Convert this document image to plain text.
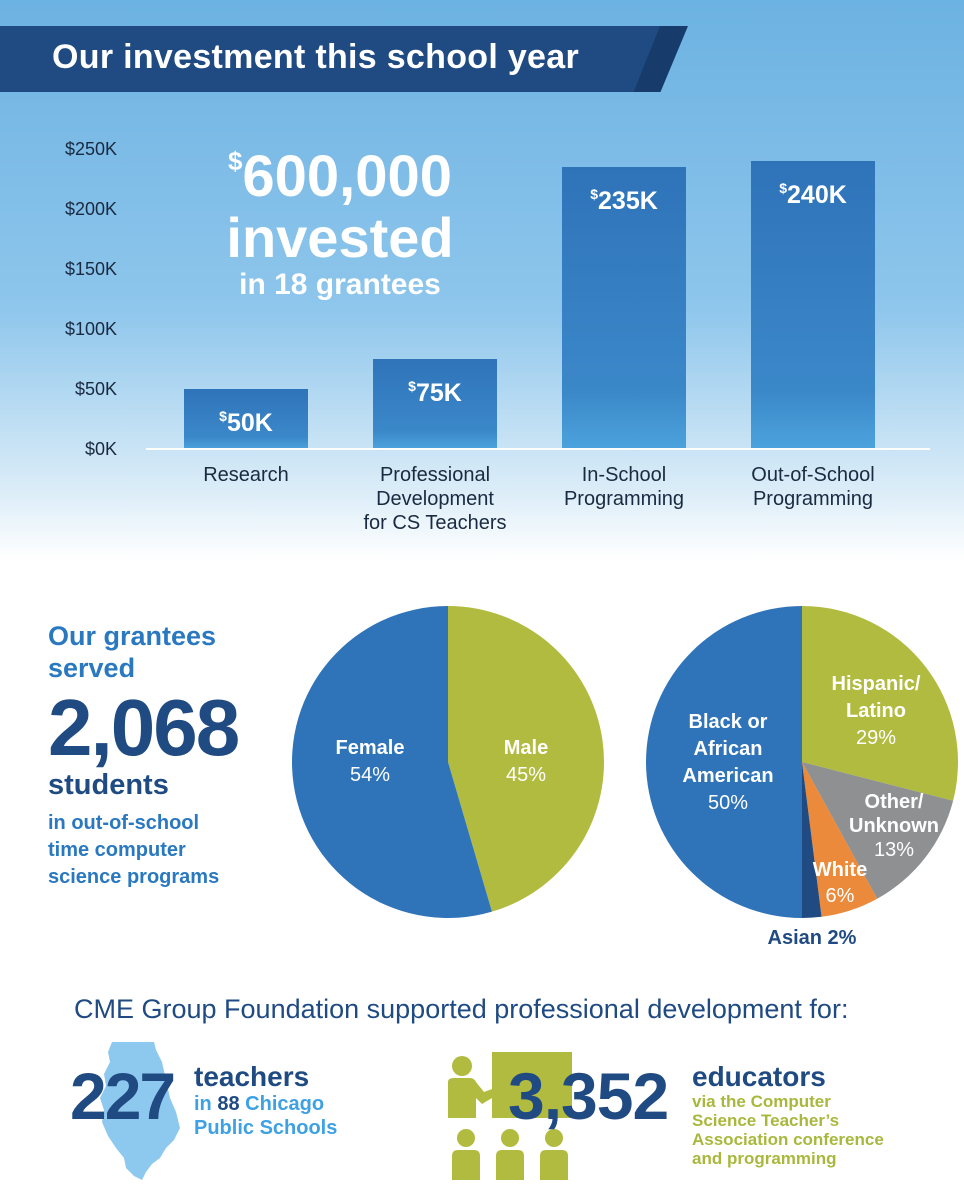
Our investment this school year
$0K
$50K
$100K
$150K
$200K
$250K
$50K
$75K
$235K	$240K
Research	Professional
Development
for CS Teachers
In-School
Programming
Out-of-School
Programming
$600,000
invested
in 18 grantees
Our grantees
served
2,068
students
in out-of-school
time computer
science programs
Male
45%
Female
54%
Hispanic/
Latino
29%
Other/
Unknown
13%
White
6%
Black or
African
American
50%
Asian 2%
CME Group Foundation supported professional development for:
227 teachers
in 88 Chicago
Public Schools	3,352 educators
via the Computer
Science Teacher’s
Association conference
and programming
